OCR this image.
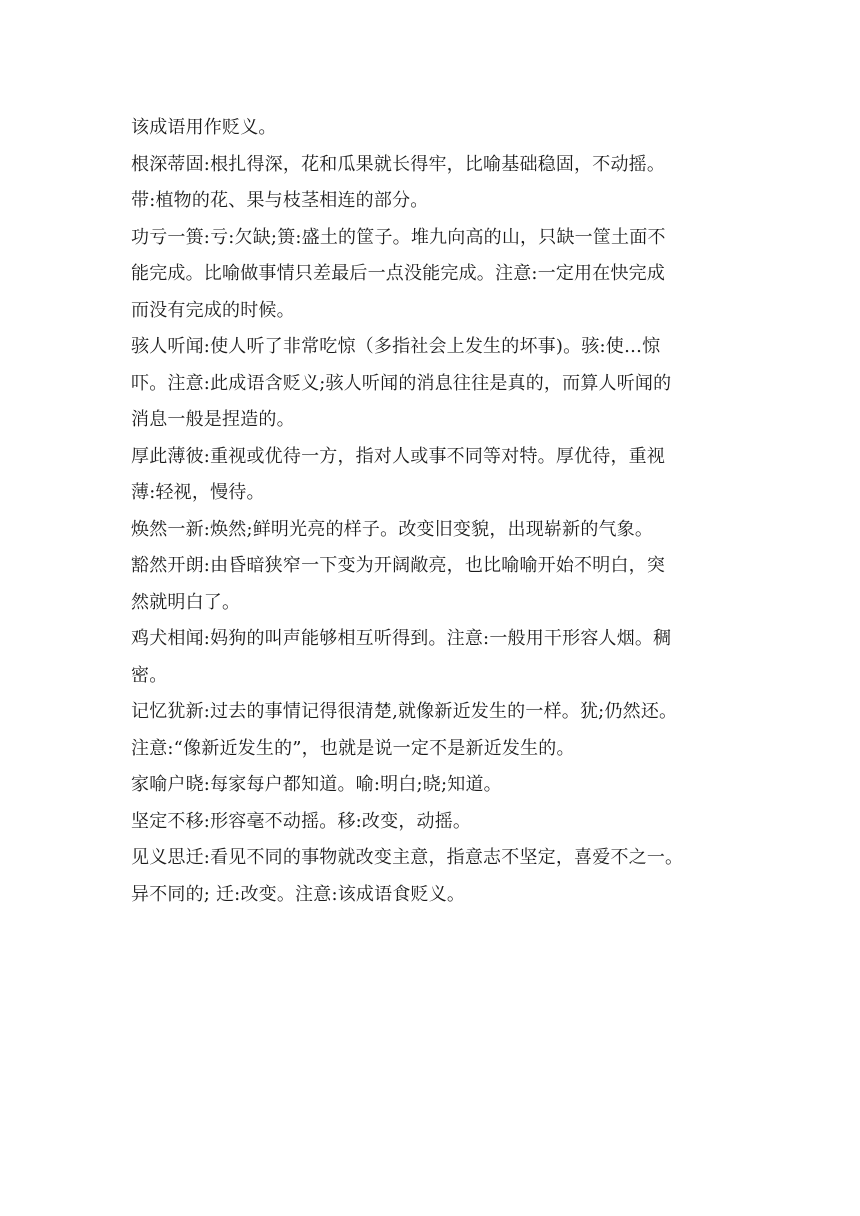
该成语用作贬义。
根深蒂固:根扎得深，花和瓜果就长得牢，比喻基础稳固，不动摇。
带:植物的花、果与枝茎相连的部分。
功亏一篑:亏:欠缺;篑:盛土的筐子。堆九向高的山，只缺一筐土面不
能完成。比喻做事情只差最后一点没能完成。注意:一定用在快完成
而没有完成的时候。
骇人听闻:使人听了非常吃惊（多指社会上发生的坏事)。骇:使…惊
吓。注意:此成语含贬义;骇人听闻的消息往往是真的，而算人听闻的
消息一般是捏造的。
厚此薄彼:重视或优待一方，指对人或事不同等对特。厚优待，重视
薄:轻视，慢待。
焕然一新:焕然;鲜明光亮的样子。改变旧变貌，出现崭新的气象。
豁然开朗:由昏暗狭窄一下变为开阔敞亮，也比喻喻开始不明白，突
然就明白了。
鸡犬相闻:妈狗的叫声能够相互听得到。注意:一般用干形容人烟。稠
密。
记忆犹新:过去的事情记得很清楚,就像新近发生的一样。犹;仍然还。
注意:“像新近发生的”，也就是说一定不是新近发生的。
家喻户晓:每家每户都知道。喻:明白;晓;知道。
坚定不移:形容毫不动摇。移:改变，动摇。
见义思迁:看见不同的事物就改变主意，指意志不坚定，喜爱不之一。
异不同的; 迁:改变。注意:该成语食贬义。
